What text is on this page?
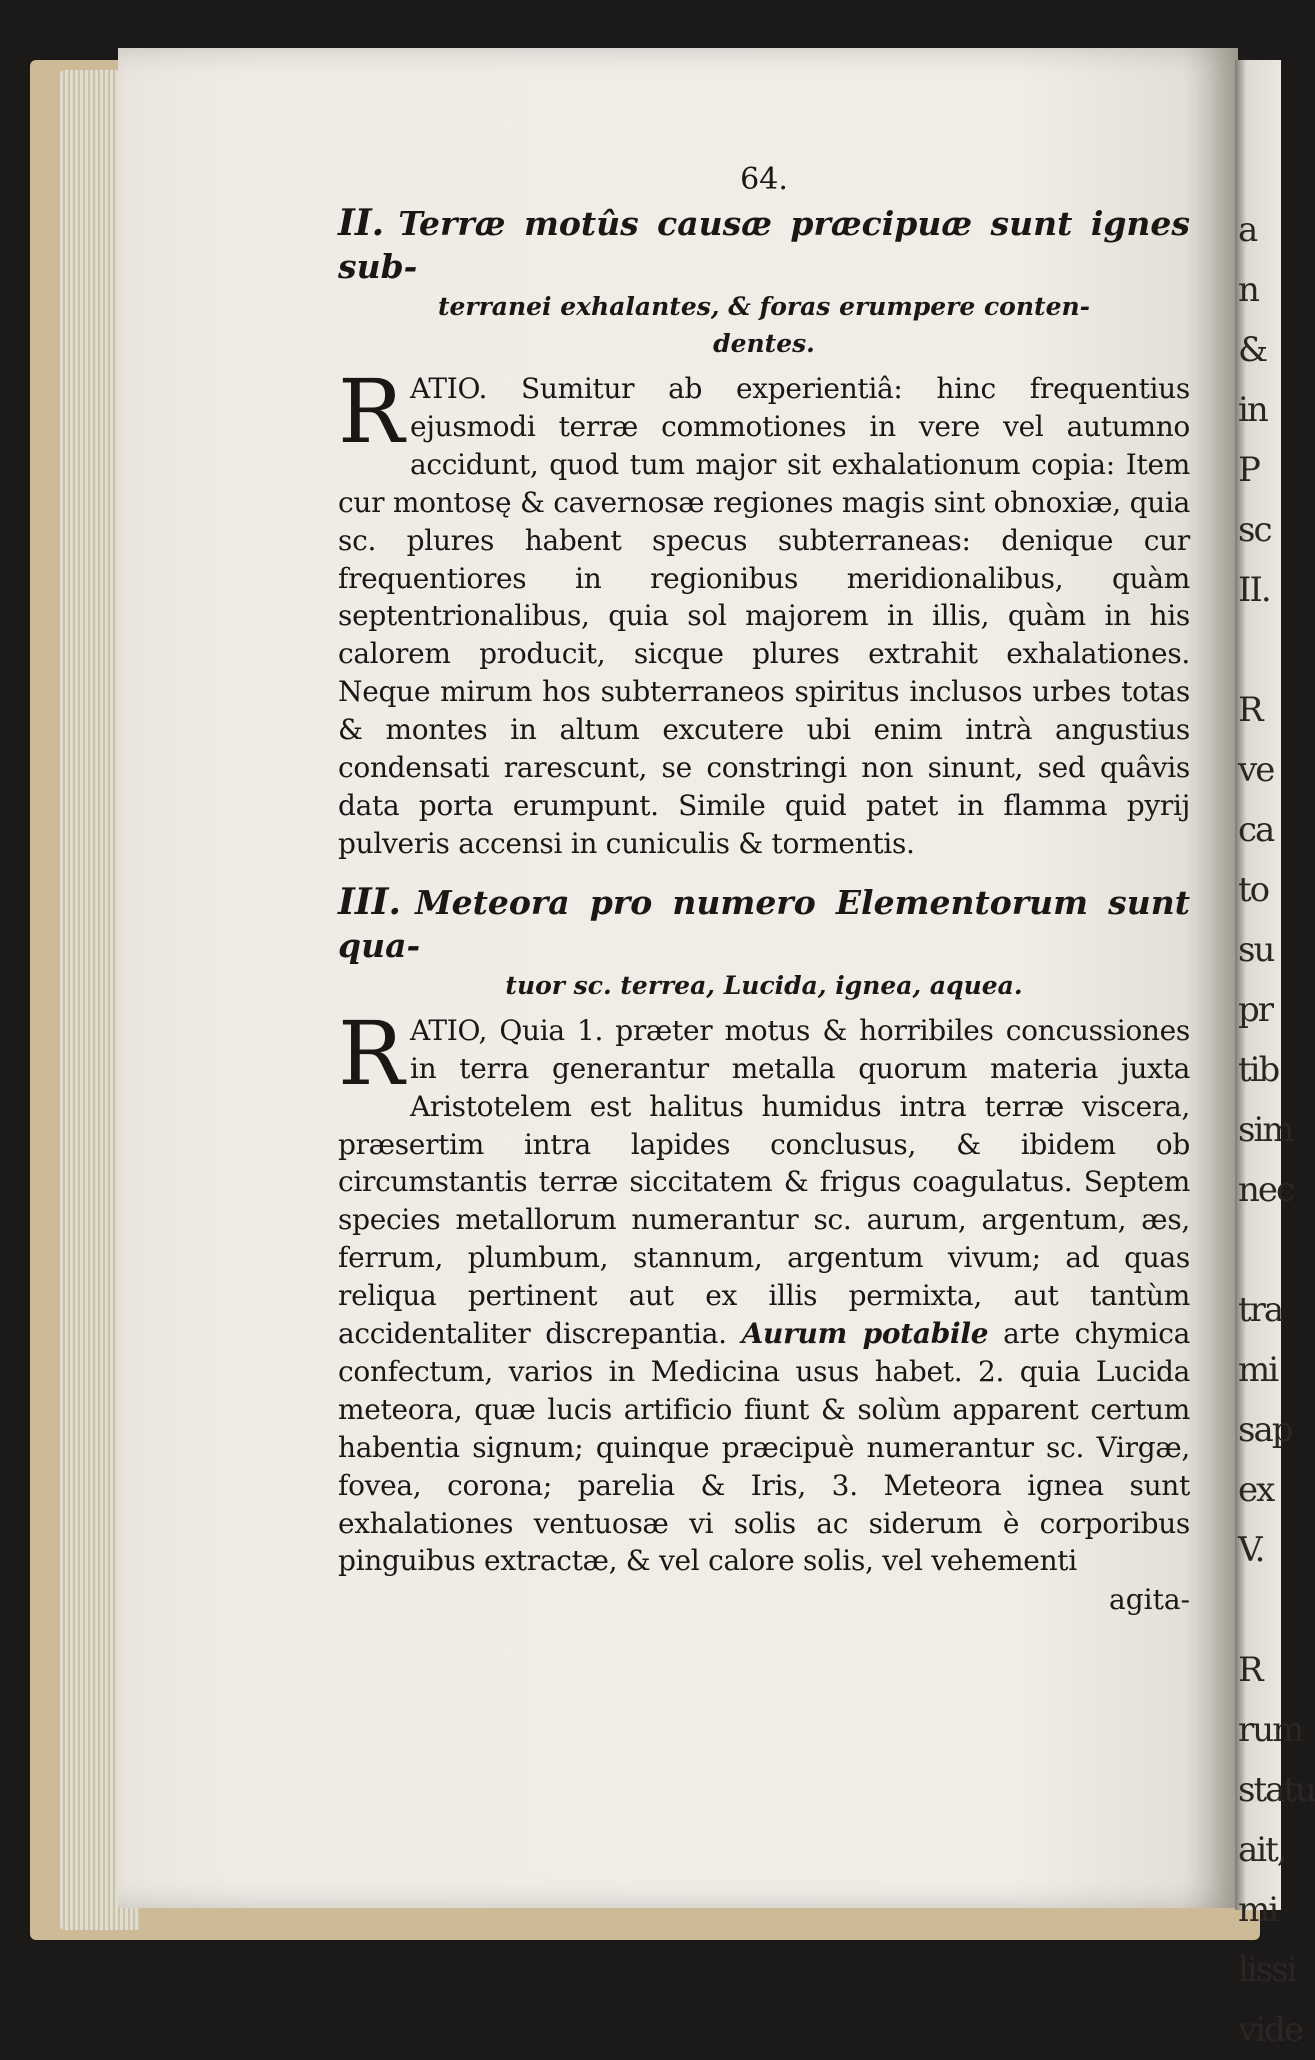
a
n
&
in
P
sc
II.

R
ve
ca
to
su
pr
tib
sim
nec

tra
mi
sap
ex
V.

R
rum
statu
ait,
mi
lissi
vide
64.
II. Terræ motûs causæ præcipuæ sunt ignes sub-
terranei exhalantes, & foras erumpere conten-
dentes.

RATIO. Sumitur ab experientiâ: hinc frequentius ejusmodi terræ commotiones in vere vel autumno accidunt, quod tum major sit exhalationum copia: Item cur montosę & cavernosæ regiones magis sint obnoxiæ, quia sc. plures habent specus subterraneas: denique cur frequentiores in regionibus meridionalibus, quàm septentrionalibus, quia sol majorem in illis, quàm in his calorem producit, sicque plures extrahit exhalationes. Neque mirum hos subterraneos spiritus inclusos urbes totas & montes in altum excutere ubi enim intrà angustius condensati rarescunt, se constringi non sinunt, sed quâvis data porta erumpunt. Simile quid patet in flamma pyrij pulveris accensi in cuniculis & tormentis.

III. Meteora pro numero Elementorum sunt qua-
tuor sc. terrea, Lucida, ignea, aquea.

RATIO, Quia 1. præter motus & horribiles concussiones in terra generantur metalla quorum materia juxta Aristotelem est halitus humidus intra terræ viscera, præsertim intra lapides conclusus, & ibidem ob circumstantis terræ siccitatem & frigus coagulatus. Septem species metallorum numerantur sc. aurum, argentum, æs, ferrum, plumbum, stannum, argentum vivum; ad quas reliqua pertinent aut ex illis permixta, aut tantùm accidentaliter discrepantia. Aurum potabile arte chymica confectum, varios in Medicina usus habet. 2. quia Lucida meteora, quæ lucis artificio fiunt & solùm apparent certum habentia signum; quinque præcipuè numerantur sc. Virgæ, fovea, corona; parelia & Iris, 3. Meteora ignea sunt exhalationes ventuosæ vi solis ac siderum è corporibus pinguibus extractæ, & vel calore solis, vel vehementi

agita-
